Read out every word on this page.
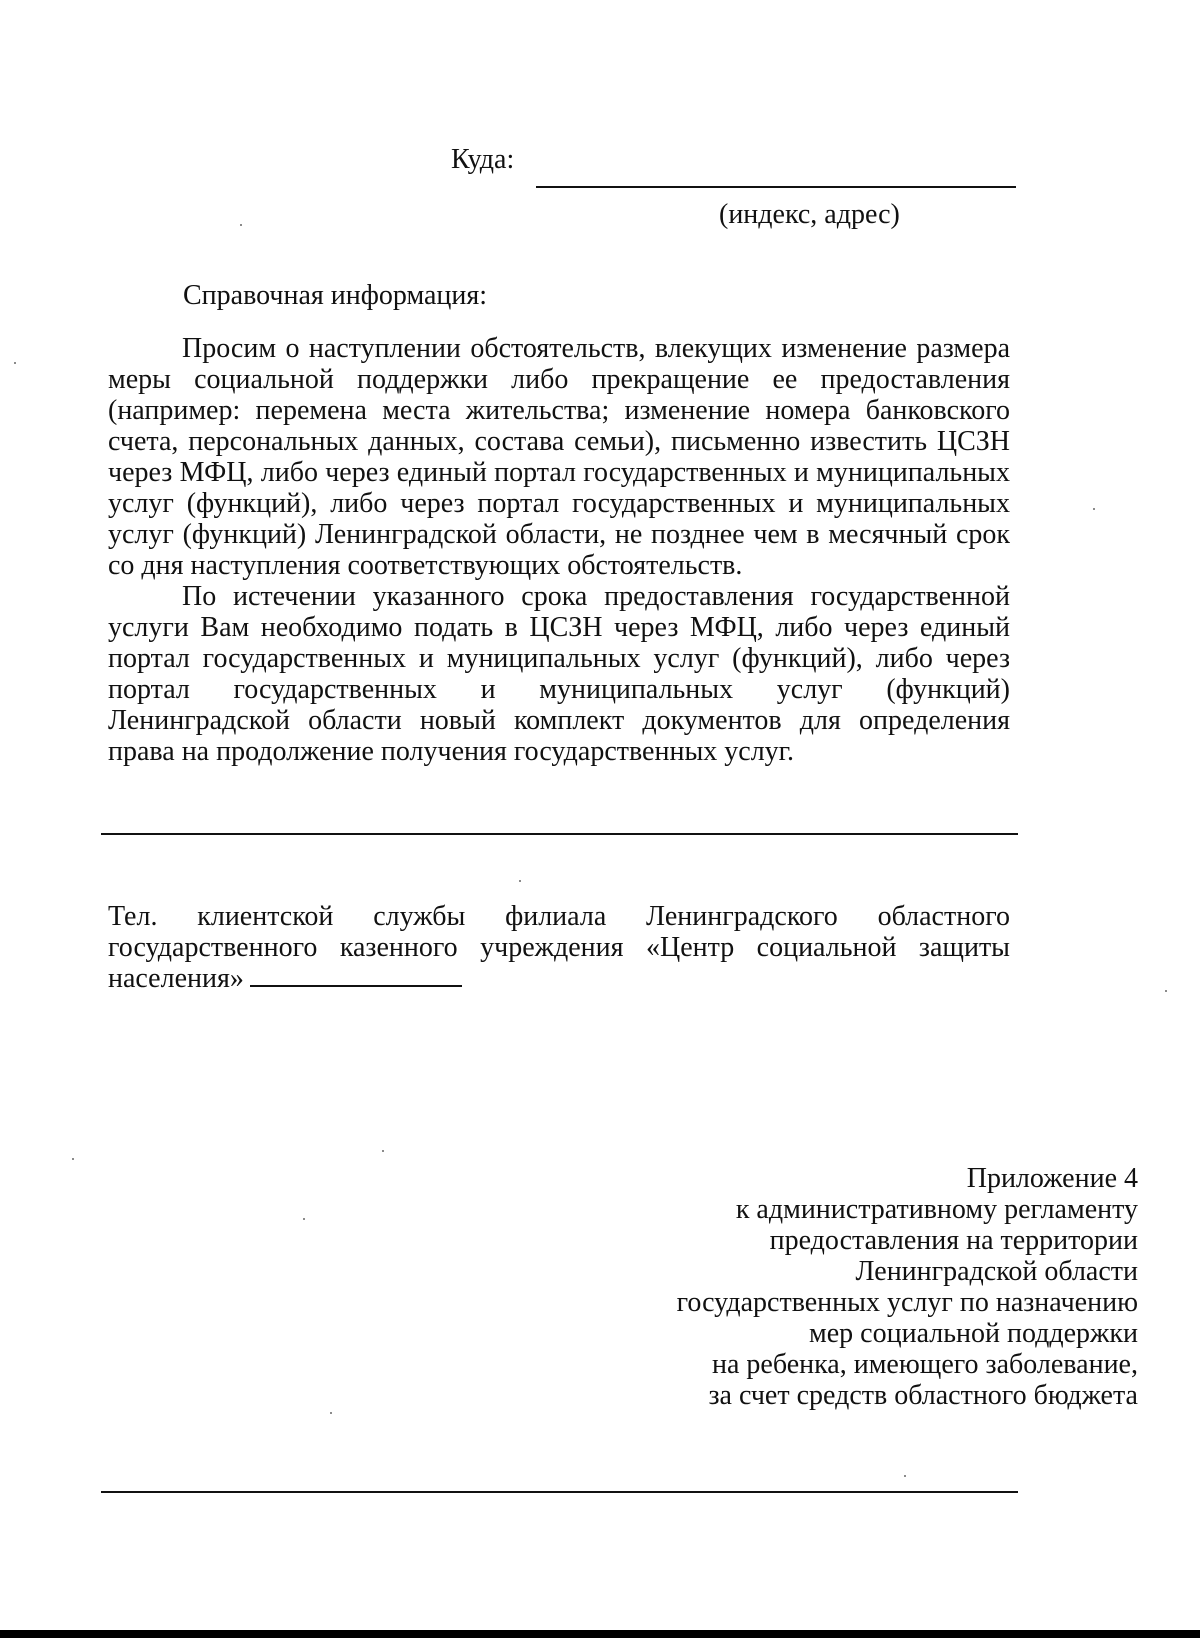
Куда:
(индекс, адрес)
Справочная информация:

Просим о наступлении обстоятельств, влекущих изменение размера меры социальной поддержки либо прекращение ее предоставления (например: перемена места жительства; изменение номера банковского счета, персональных данных, состава семьи), письменно известить ЦСЗН через МФЦ, либо через единый портал государственных и муниципальных услуг (функций), либо через портал государственных и муниципальных услуг (функций) Ленинградской области, не позднее чем в месячный срок со дня наступления соответствующих обстоятельств.

По истечении указанного срока предоставления государственной услуги Вам необходимо подать в ЦСЗН через МФЦ, либо через единый портал государственных и муниципальных услуг (функций), либо через портал государственных и муниципальных услуг (функций) Ленинградской области новый комплект документов для определения права на продолжение получения государственных услуг.

Тел. клиентской службы филиала Ленинградского областного государственного казенного учреждения «Центр социальной защиты населения»
Приложение 4
к административному регламенту
предоставления на территории
Ленинградской области
государственных услуг по назначению
мер социальной поддержки
на ребенка, имеющего заболевание,
за счет средств областного бюджета
